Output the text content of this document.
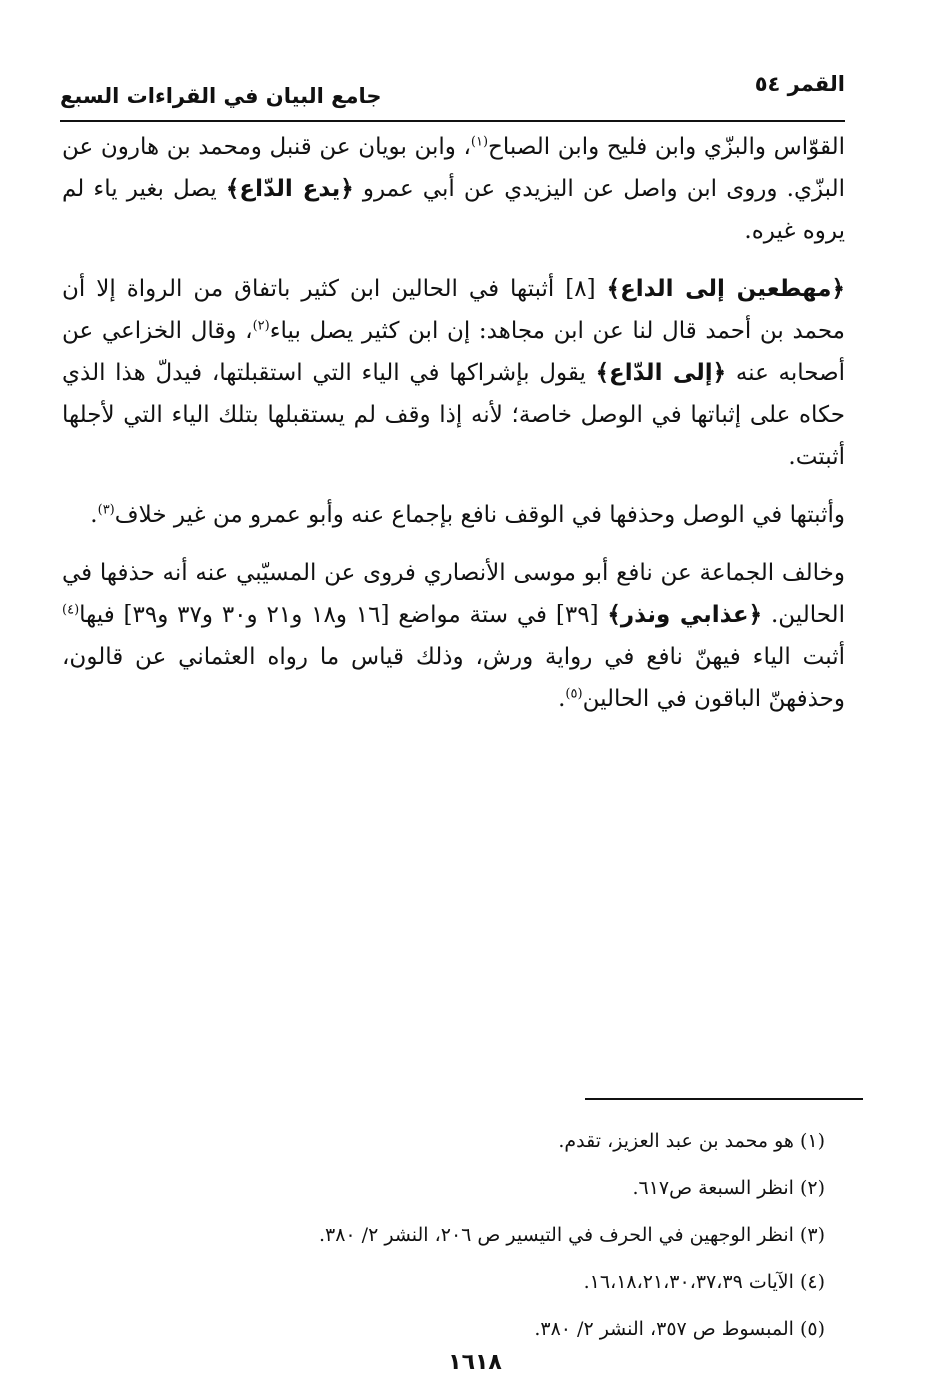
القمر ٥٤
جامع البيان في القراءات السبع

القوّاس والبزّي وابن فليح وابن الصباح$^{(١)}$، وابن بويان عن قنبل ومحمد بن هارون عن البزّي. وروى ابن واصل عن اليزيدي عن أبي عمرو ﴿يدع الدّاع﴾ يصل بغير ياء لم يروه غيره.

﴿مهطعين إلى الداع﴾ [٨] أثبتها في الحالين ابن كثير باتفاق من الرواة إلا أن محمد بن أحمد قال لنا عن ابن مجاهد: إن ابن كثير يصل بياء$^{(٢)}$، وقال الخزاعي عن أصحابه عنه ﴿إلى الدّاع﴾ يقول بإشراكها في الياء التي استقبلتها، فيدلّ هذا الذي حكاه على إثباتها في الوصل خاصة؛ لأنه إذا وقف لم يستقبلها بتلك الياء التي لأجلها أثبتت.

وأثبتها في الوصل وحذفها في الوقف نافع بإجماع عنه وأبو عمرو من غير خلاف$^{(٣)}$.

وخالف الجماعة عن نافع أبو موسى الأنصاري فروى عن المسيّبي عنه أنه حذفها في الحالين. ﴿عذابي ونذر﴾ [٣٩] في ستة مواضع [١٦ و١٨ و٢١ و٣٠ و٣٧ و٣٩] فيها$^{(٤)}$ أثبت الياء فيهنّ نافع في رواية ورش، وذلك قياس ما رواه العثماني عن قالون، وحذفهنّ الباقون في الحالين$^{(٥)}$.

(١) هو محمد بن عبد العزيز، تقدم.
(٢) انظر السبعة ص٦١٧.
(٣) انظر الوجهين في الحرف في التيسير ص ٢٠٦، النشر ٢/ ٣٨٠.
(٤) الآيات ١٦،١٨،٢١،٣٠،٣٧،٣٩.
(٥) المبسوط ص ٣٥٧، النشر ٢/ ٣٨٠.
١٦١٨
